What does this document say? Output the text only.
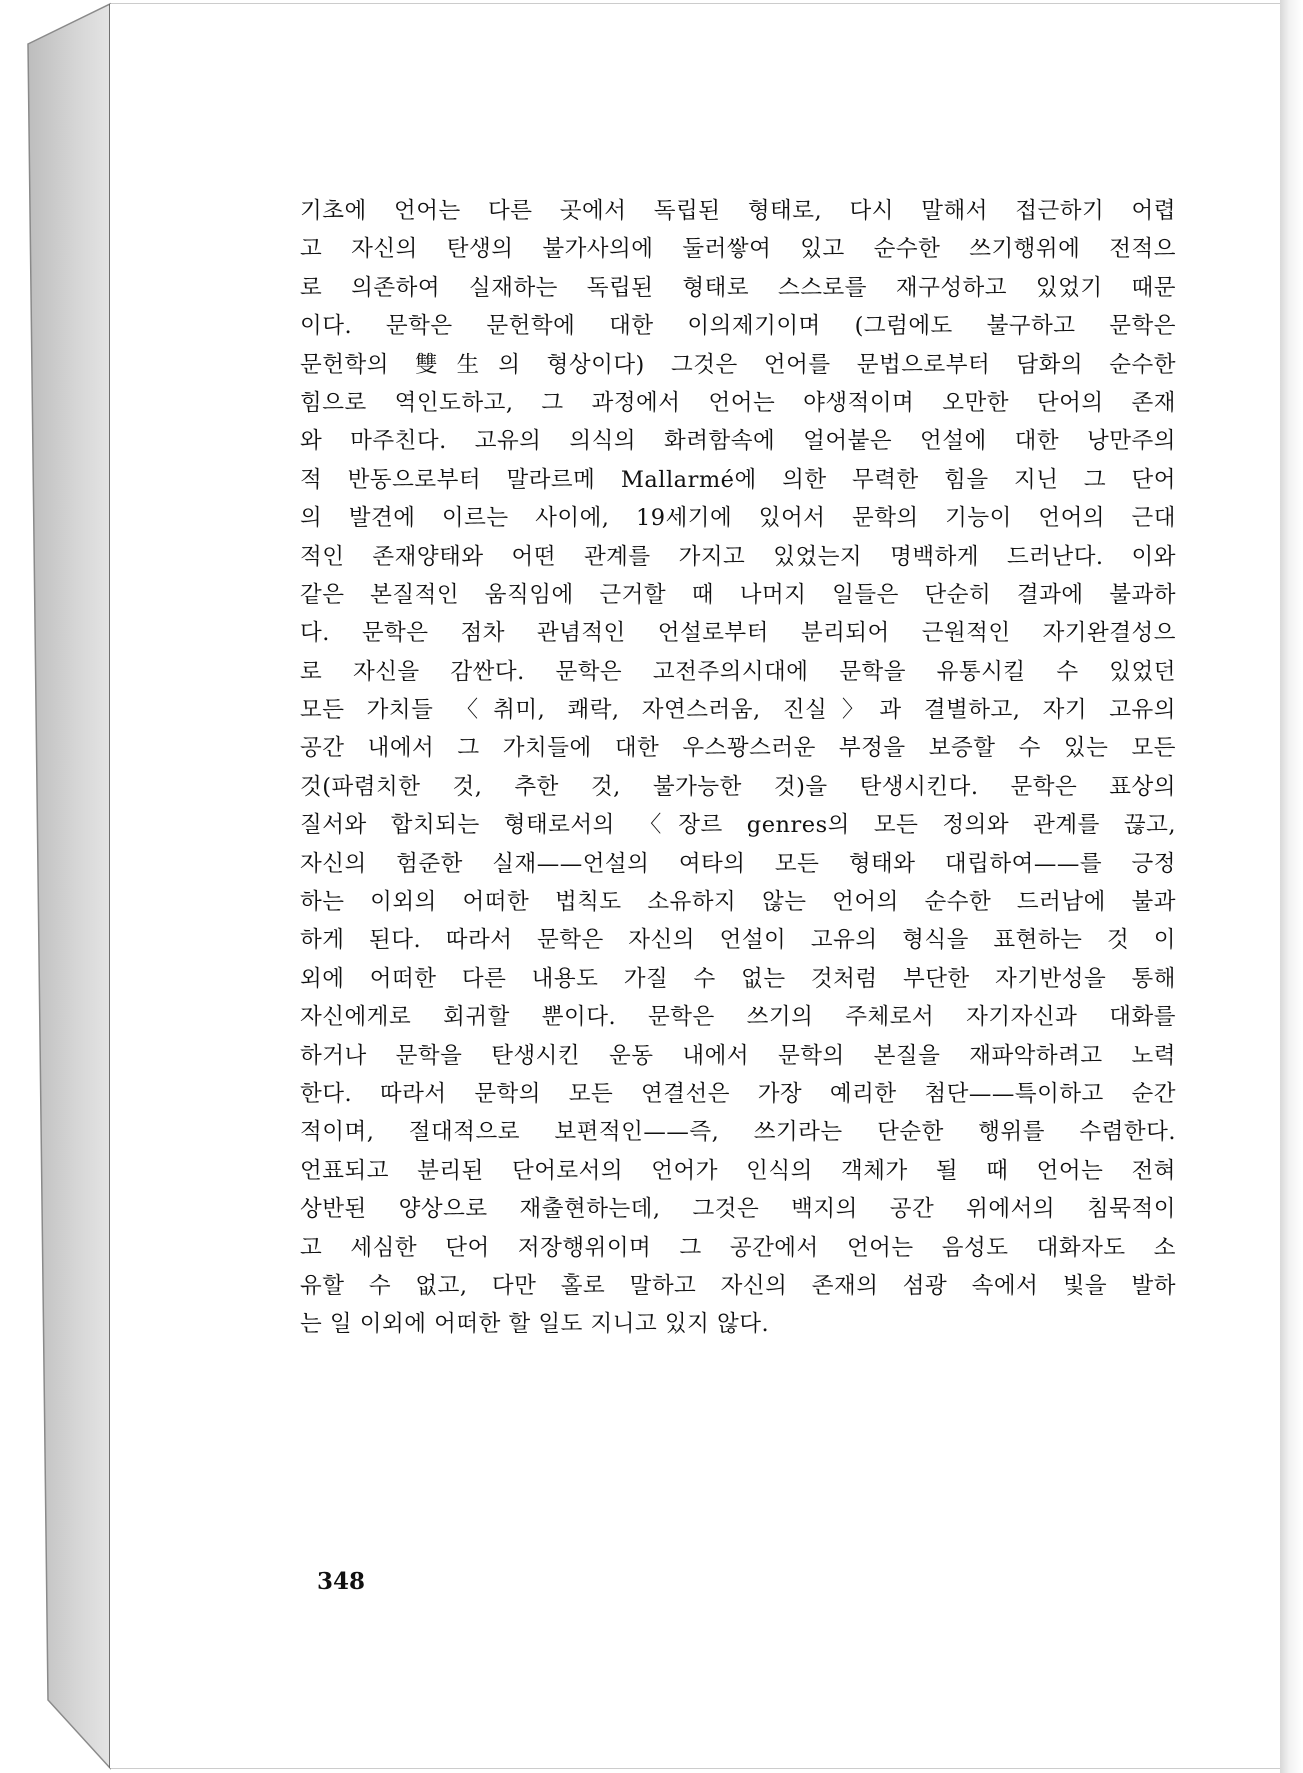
기초에 언어는 다른 곳에서 독립된 형태로, 다시 말해서 접근하기 어렵
고 자신의 탄생의 불가사의에 둘러쌓여 있고 순수한 쓰기행위에 전적으
로 의존하여 실재하는 독립된 형태로 스스로를 재구성하고 있었기 때문
이다. 문학은 문헌학에 대한 이의제기이며 (그럼에도 불구하고 문학은
문헌학의 雙生의 형상이다) 그것은 언어를 문법으로부터 담화의 순수한
힘으로 역인도하고, 그 과정에서 언어는 야생적이며 오만한 단어의 존재
와 마주친다. 고유의 의식의 화려함속에 얼어붙은 언설에 대한 낭만주의
적 반동으로부터 말라르메 Mallarmé에 의한 무력한 힘을 지닌 그 단어
의 발견에 이르는 사이에, 19세기에 있어서 문학의 기능이 언어의 근대
적인 존재양태와 어떤 관계를 가지고 있었는지 명백하게 드러난다. 이와
같은 본질적인 움직임에 근거할 때 나머지 일들은 단순히 결과에 불과하
다. 문학은 점차 관념적인 언설로부터 분리되어 근원적인 자기완결성으
로 자신을 감싼다. 문학은 고전주의시대에 문학을 유통시킬 수 있었던
모든 가치들 〈취미, 쾌락, 자연스러움, 진실〉과 결별하고, 자기 고유의
공간 내에서 그 가치들에 대한 우스꽝스러운 부정을 보증할 수 있는 모든
것(파렴치한 것, 추한 것, 불가능한 것)을 탄생시킨다. 문학은 표상의
질서와 합치되는 형태로서의 〈장르 genres의 모든 정의와 관계를 끊고,
자신의 험준한 실재——언설의 여타의 모든 형태와 대립하여——를 긍정
하는 이외의 어떠한 법칙도 소유하지 않는 언어의 순수한 드러남에 불과
하게 된다. 따라서 문학은 자신의 언설이 고유의 형식을 표현하는 것 이
외에 어떠한 다른 내용도 가질 수 없는 것처럼 부단한 자기반성을 통해
자신에게로 회귀할 뿐이다. 문학은 쓰기의 주체로서 자기자신과 대화를
하거나 문학을 탄생시킨 운동 내에서 문학의 본질을 재파악하려고 노력
한다. 따라서 문학의 모든 연결선은 가장 예리한 첨단——특이하고 순간
적이며, 절대적으로 보편적인——즉, 쓰기라는 단순한 행위를 수렴한다.
언표되고 분리된 단어로서의 언어가 인식의 객체가 될 때 언어는 전혀
상반된 양상으로 재출현하는데, 그것은 백지의 공간 위에서의 침묵적이
고 세심한 단어 저장행위이며 그 공간에서 언어는 음성도 대화자도 소
유할 수 없고, 다만 홀로 말하고 자신의 존재의 섬광 속에서 빛을 발하
는 일 이외에 어떠한 할 일도 지니고 있지 않다.
348
